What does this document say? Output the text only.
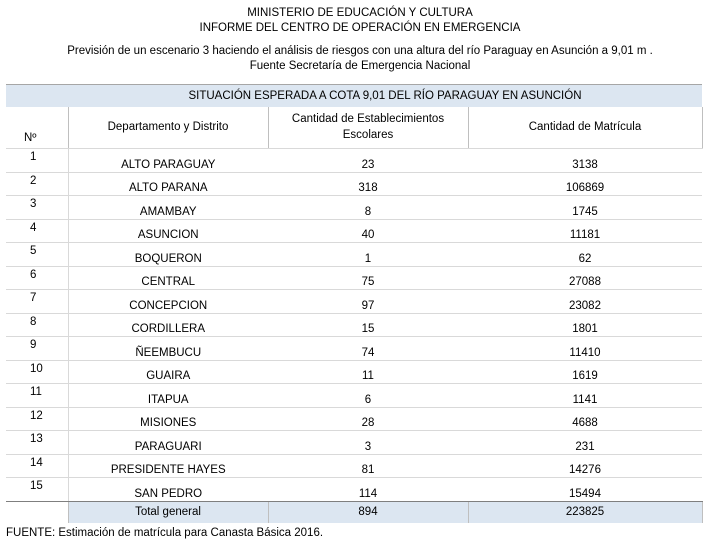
MINISTERIO DE EDUCACIÓN Y CULTURA
INFORME DEL CENTRO DE OPERACIÓN EN EMERGENCIA
Previsión de un escenario 3 haciendo el análisis de riesgos con una altura del río Paraguay en Asunción a 9,01 m .
Fuente Secretaría de Emergencia Nacional
	SITUACIÓN ESPERADA A COTA 9,01 DEL RÍO PARAGUAY EN ASUNCIÓN		
Nº	Departamento y Distrito	Cantidad de Establecimientos Escolares	Cantidad de Matrícula
1	ALTO PARAGUAY	23	3138
2	ALTO PARANA	318	106869
3	AMAMBAY	8	1745
4	ASUNCION	40	11181
5	BOQUERON	1	62
6	CENTRAL	75	27088
7	CONCEPCION	97	23082
8	CORDILLERA	15	1801
9	ÑEEMBUCU	74	11410
10	GUAIRA	11	1619
11	ITAPUA	6	1141
12	MISIONES	28	4688
13	PARAGUARI	3	231
14	PRESIDENTE HAYES	81	14276
15	SAN PEDRO	114	15494
	Total general	894	223825
FUENTE: Estimación de matrícula para Canasta Básica 2016.
